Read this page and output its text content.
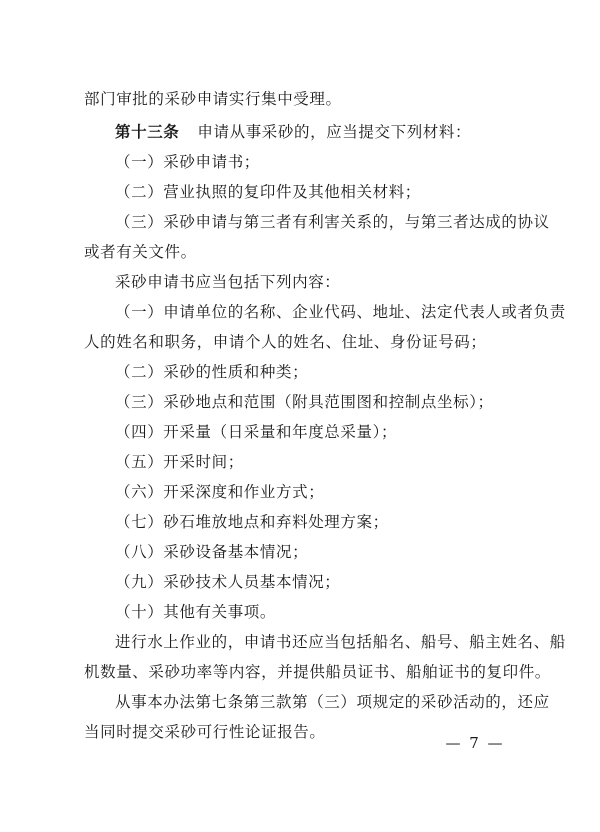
部门审批的采砂申请实行集中受理。
第十三条 申请从事采砂的，应当提交下列材料：
（一）采砂申请书；
（二）营业执照的复印件及其他相关材料；
（三）采砂申请与第三者有利害关系的，与第三者达成的协议
或者有关文件。
采砂申请书应当包括下列内容：
（一）申请单位的名称、企业代码、地址、法定代表人或者负责
人的姓名和职务，申请个人的姓名、住址、身份证号码；
（二）采砂的性质和种类；
（三）采砂地点和范围（附具范围图和控制点坐标）；
（四）开采量（日采量和年度总采量）；
（五）开采时间；
（六）开采深度和作业方式；
（七）砂石堆放地点和弃料处理方案；
（八）采砂设备基本情况；
（九）采砂技术人员基本情况；
（十）其他有关事项。
进行水上作业的，申请书还应当包括船名、船号、船主姓名、船
机数量、采砂功率等内容，并提供船员证书、船舶证书的复印件。
从事本办法第七条第三款第（三）项规定的采砂活动的，还应
当同时提交采砂可行性论证报告。
— 7 —
